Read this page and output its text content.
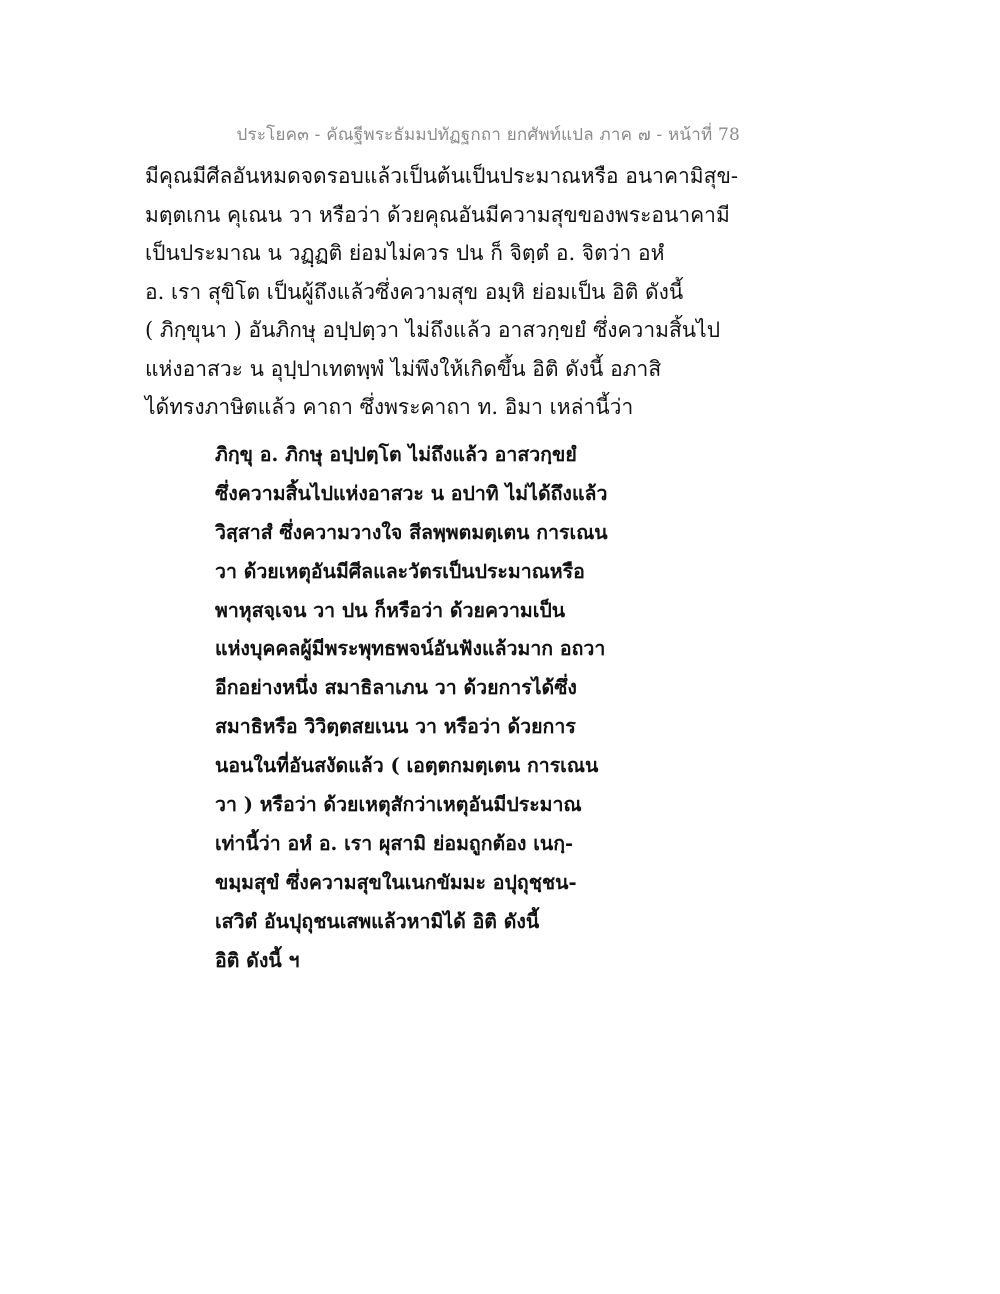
ประโยค๓ - คัณฐีพระธัมมปทัฏฐกถา ยกศัพท์แปล ภาค ๗ - หน้าที่ 78
มีคุณมีศีลอันหมดจดรอบแล้วเป็นต้นเป็นประมาณหรือ อนาคามิสุข-
มตฺตเกน คุเณน วา หรือว่า ด้วยคุณอันมีความสุขของพระอนาคามี
เป็นประมาณ น วฏฺฏติ ย่อมไม่ควร ปน ก็ จิตฺตํ อ. จิตว่า อหํ
อ. เรา สุขิโต เป็นผู้ถึงแล้วซึ่งความสุข อมฺหิ ย่อมเป็น อิติ ดังนี้
( ภิกฺขุนา ) อันภิกษุ อปฺปตฺวา ไม่ถึงแล้ว อาสวกฺขยํ ซึ่งความสิ้นไป
แห่งอาสวะ น อุปฺปาเทตพฺพํ ไม่พึงให้เกิดขึ้น อิติ ดังนี้ อภาสิ
ได้ทรงภาษิตแล้ว คาถา ซึ่งพระคาถา ท. อิมา เหล่านี้ว่า
ภิกฺขุ อ. ภิกษุ อปฺปตฺโต ไม่ถึงแล้ว อาสวกฺขยํ
ซึ่งความสิ้นไปแห่งอาสวะ น อปาทิ ไม่ได้ถึงแล้ว
วิสฺสาสํ ซึ่งความวางใจ สีลพฺพตมตฺเตน การเณน
วา ด้วยเหตุอันมีศีลและวัตรเป็นประมาณหรือ
พาหุสจฺเจน วา ปน ก็หรือว่า ด้วยความเป็น
แห่งบุคคลผู้มีพระพุทธพจน์อันฟังแล้วมาก อถวา
อีกอย่างหนึ่ง สมาธิลาเภน วา ด้วยการได้ซึ่ง
สมาธิหรือ วิวิตฺตสยเนน วา หรือว่า ด้วยการ
นอนในที่อันสงัดแล้ว ( เอตฺตกมตฺเตน การเณน
วา ) หรือว่า ด้วยเหตุสักว่าเหตุอันมีประมาณ
เท่านี้ว่า อหํ อ. เรา ผุสามิ ย่อมถูกต้อง เนกฺ-
ขมฺมสุขํ ซึ่งความสุขในเนกขัมมะ อปุถุชฺชน-
เสวิตํ อันปุถุชนเสพแล้วหามิได้ อิติ ดังนี้
อิติ ดังนี้ ฯ
